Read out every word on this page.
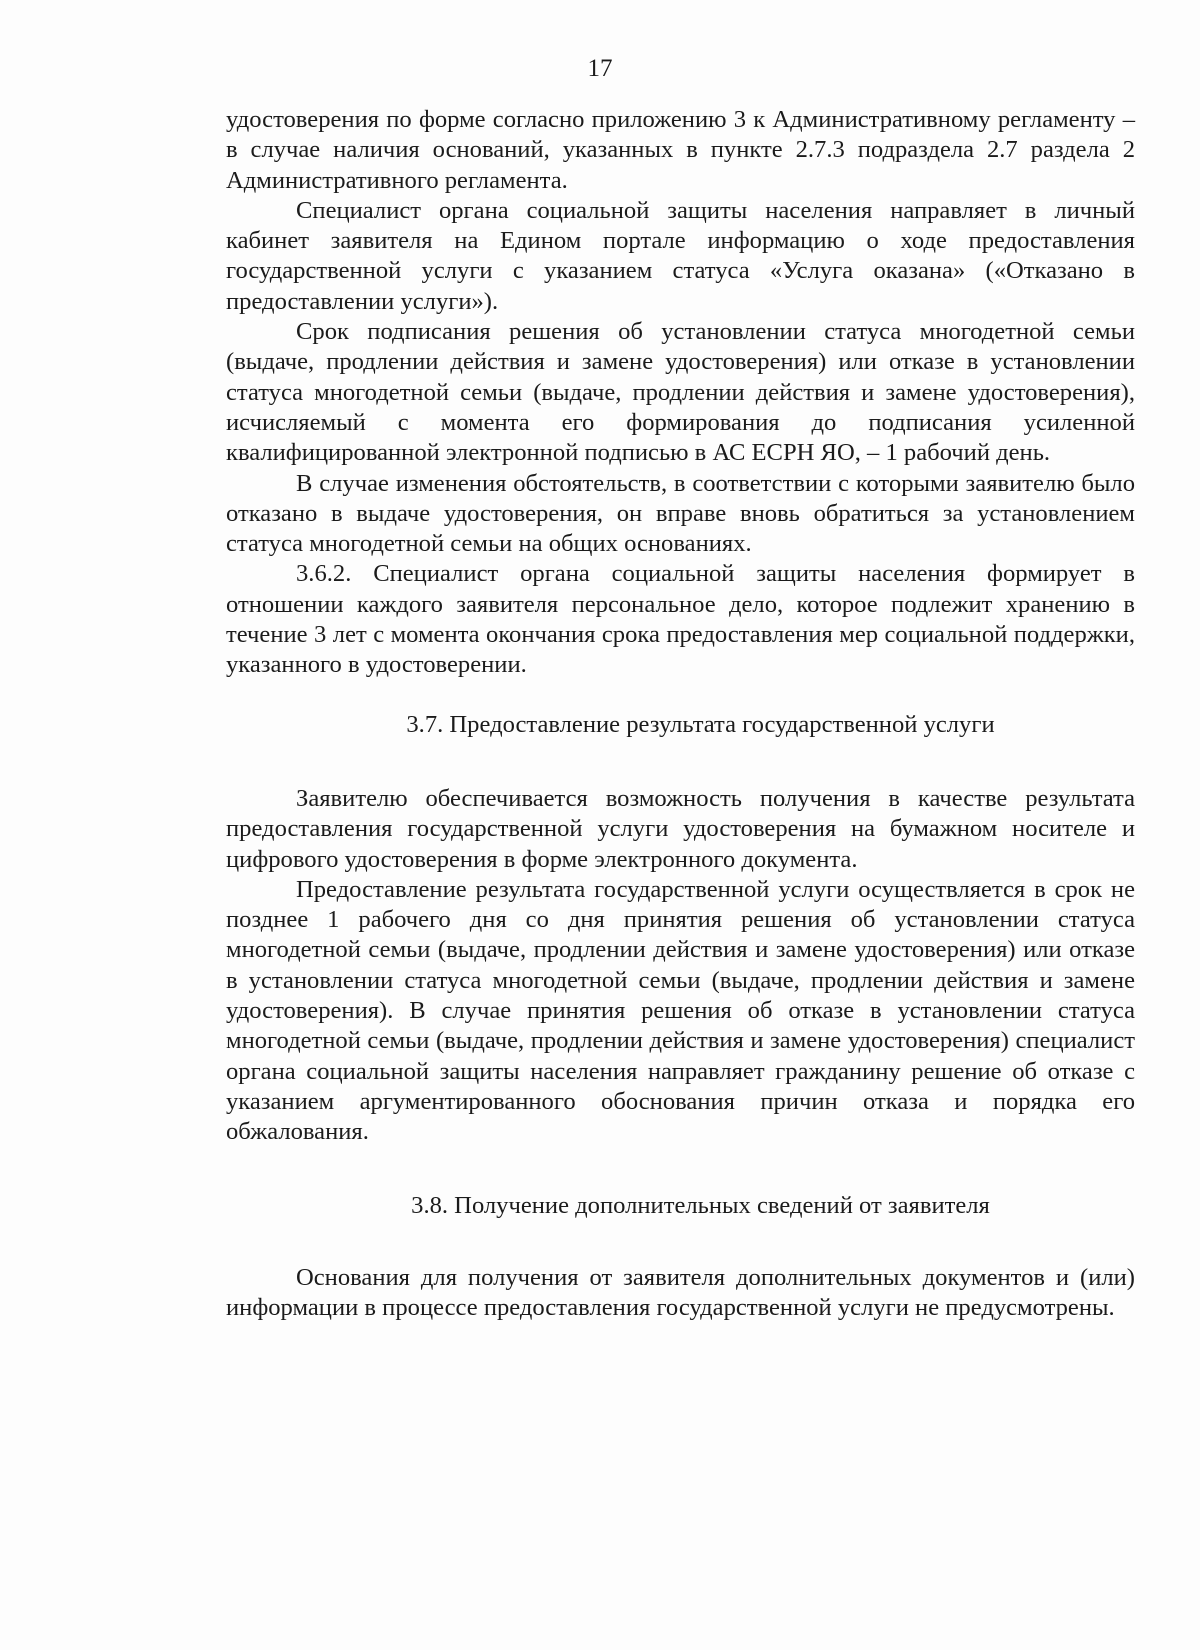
17

удостоверения по форме согласно приложению 3 к Административному регламенту – в случае наличия оснований, указанных в пункте 2.7.3 подраздела 2.7 раздела 2 Административного регламента.

Специалист органа социальной защиты населения направляет в личный кабинет заявителя на Едином портале информацию о ходе предоставления государственной услуги с указанием статуса «Услуга оказана» («Отказано в предоставлении услуги»).

Срок подписания решения об установлении статуса многодетной семьи (выдаче, продлении действия и замене удостоверения) или отказе в установлении статуса многодетной семьи (выдаче, продлении действия и замене удостоверения), исчисляемый с момента его формирования до подписания усиленной квалифицированной электронной подписью в АС ЕСРН ЯО, – 1 рабочий день.

В случае изменения обстоятельств, в соответствии с которыми заявителю было отказано в выдаче удостоверения, он вправе вновь обратиться за установлением статуса многодетной семьи на общих основаниях.

3.6.2. Специалист органа социальной защиты населения формирует в отношении каждого заявителя персональное дело, которое подлежит хранению в течение 3 лет с момента окончания срока предоставления мер социальной поддержки, указанного в удостоверении.

3.7. Предоставление результата государственной услуги

Заявителю обеспечивается возможность получения в качестве результата предоставления государственной услуги удостоверения на бумажном носителе и цифрового удостоверения в форме электронного документа.

Предоставление результата государственной услуги осуществляется в срок не позднее 1 рабочего дня со дня принятия решения об установлении статуса многодетной семьи (выдаче, продлении действия и замене удостоверения) или отказе в установлении статуса многодетной семьи (выдаче, продлении действия и замене удостоверения). В случае принятия решения об отказе в установлении статуса многодетной семьи (выдаче, продлении действия и замене удостоверения) специалист органа социальной защиты населения направляет гражданину решение об отказе с указанием аргументированного обоснования причин отказа и порядка его обжалования.

3.8. Получение дополнительных сведений от заявителя

Основания для получения от заявителя дополнительных документов и (или) информации в процессе предоставления государственной услуги не предусмотрены.
